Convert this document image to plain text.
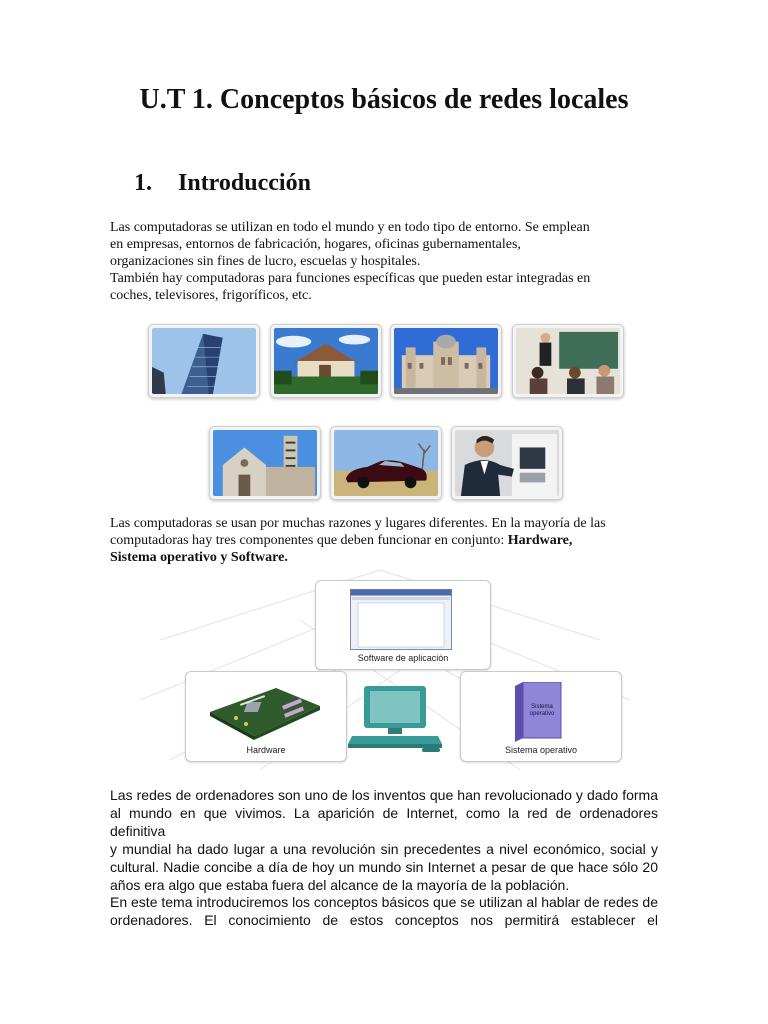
U.T 1. Conceptos básicos de redes locales
1. Introducción

Las computadoras se utilizan en todo el mundo y en todo tipo de entorno. Se emplean
en empresas, entornos de fabricación, hogares, oficinas gubernamentales,
organizaciones sin fines de lucro, escuelas y hospitales.
También hay computadoras para funciones específicas que pueden estar integradas en
coches, televisores, frigoríficos, etc.

Las computadoras se usan por muchas razones y lugares diferentes. En la mayoría de las
computadoras hay tres componentes que deben funcionar en conjunto: Hardware,
Sistema operativo y Software.

Software de aplicación
Hardware
Sistema operativo
Sistema operativo

Las redes de ordenadores son uno de los inventos que han revolucionado y dado forma
al mundo en que vivimos. La aparición de Internet, como la red de ordenadores definitiva
y mundial ha dado lugar a una revolución sin precedentes a nivel económico, social y
cultural. Nadie concibe a día de hoy un mundo sin Internet a pesar de que hace sólo 20
años era algo que estaba fuera del alcance de la mayoría de la población.

En este tema introduciremos los conceptos básicos que se utilizan al hablar de redes de
ordenadores. El conocimiento de estos conceptos nos permitirá establecer el
